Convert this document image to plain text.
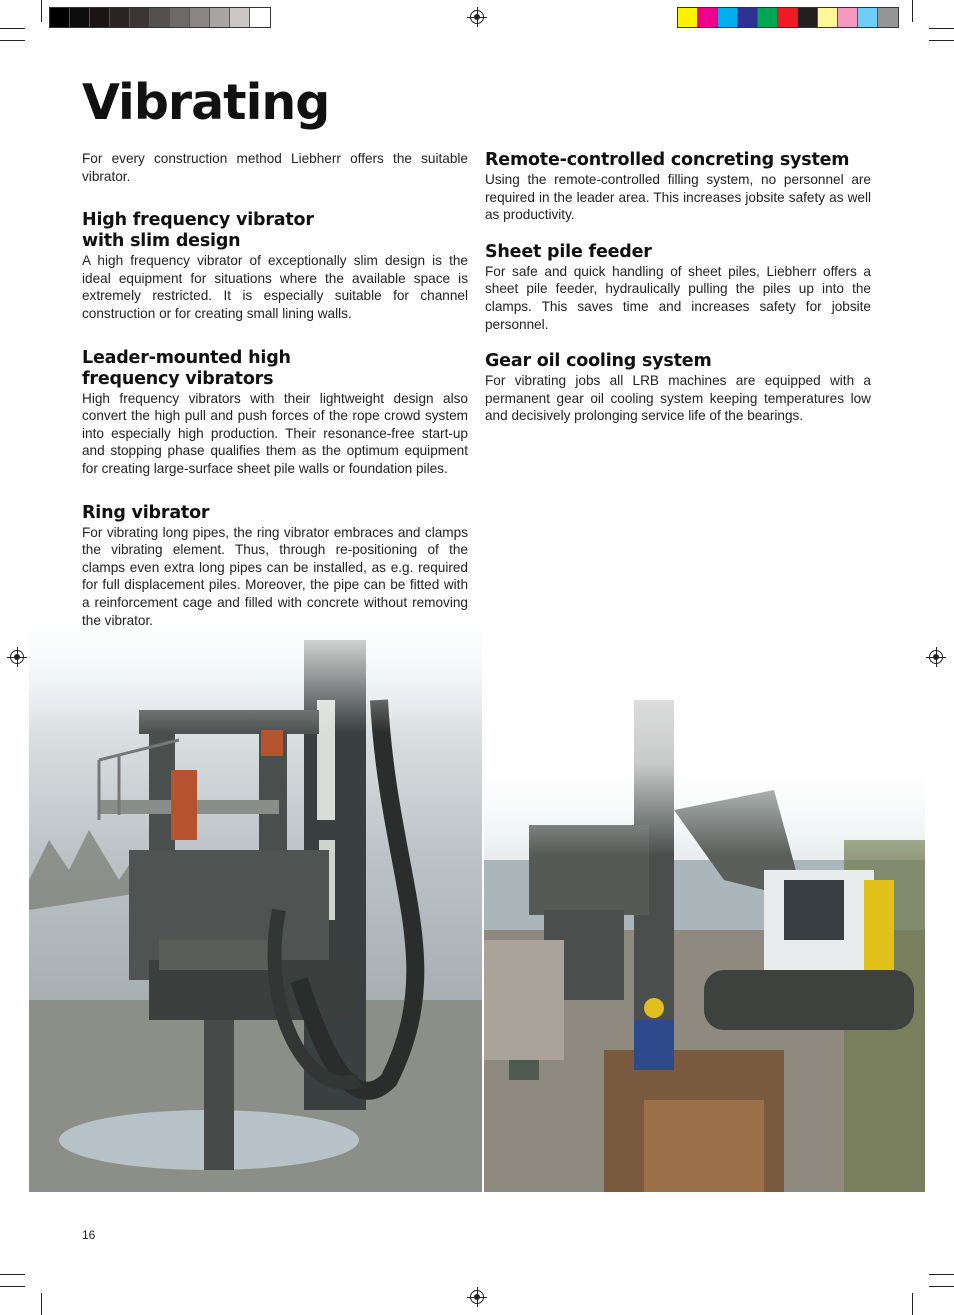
Vibrating

For every construction method Liebherr offers the suitable vibrator.

High frequency vibrator with slim design

A high frequency vibrator of exceptionally slim design is the ideal equipment for situations where the available space is extremely restricted. It is especially suitable for channel construction or for creating small lining walls.

Leader-mounted high frequency vibrators

High frequency vibrators with their lightweight design also convert the high pull and push forces of the rope crowd system into especially high production. Their resonance-free start-up and stopping phase qualifies them as the optimum equipment for creating large-surface sheet pile walls or foundation piles.

Ring vibrator

For vibrating long pipes, the ring vibrator embraces and clamps the vibrating element. Thus, through re-positioning of the clamps even extra long pipes can be installed, as e.g. required for full displacement piles. Moreover, the pipe can be fitted with a reinforcement cage and filled with concrete without removing the vibrator.

Remote-controlled concreting system

Using the remote-controlled filling system, no personnel are required in the leader area. This increases jobsite safety as well as productivity.

Sheet pile feeder

For safe and quick handling of sheet piles, Liebherr offers a sheet pile feeder, hydraulically pulling the piles up into the clamps. This saves time and increases safety for jobsite personnel.

Gear oil cooling system

For vibrating jobs all LRB machines are equipped with a permanent gear oil cooling system keeping temperatures low and decisively prolonging service life of the bearings.

16
